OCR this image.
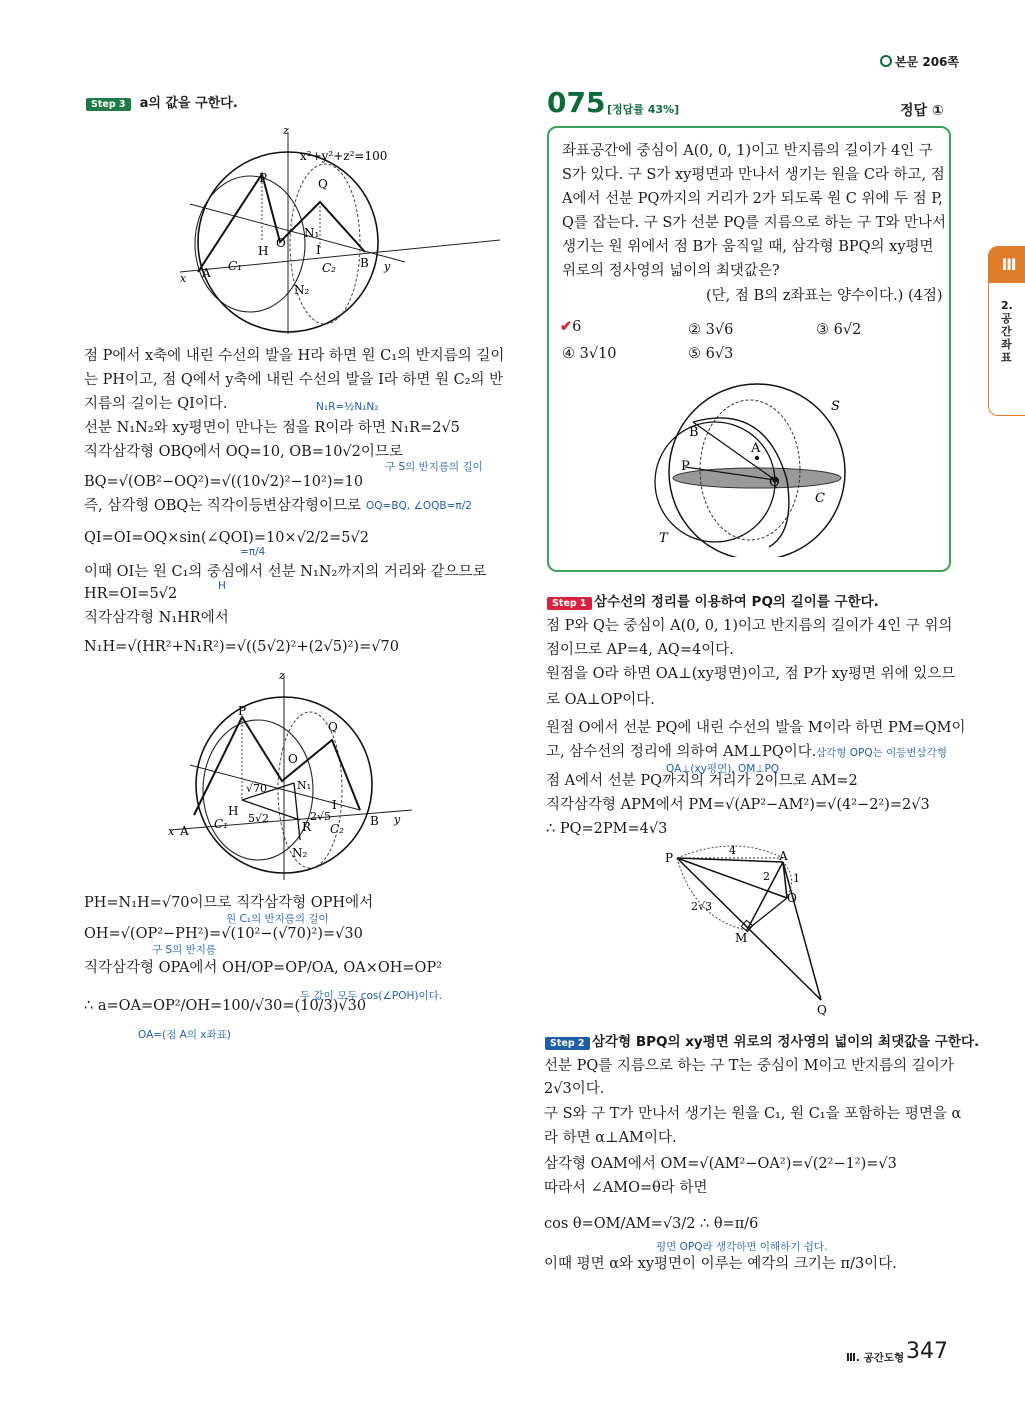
본문 206쪽
Step 3 a의 값을 구한다.
z
x²+y²+z²=100
P	Q
O
N₁
H	I
A C₁	C₂ B y
x
N₂
점 P에서 x축에 내린 수선의 발을 H라 하면 원 C₁의 반지름의 길이
는 PH이고, 점 Q에서 y축에 내린 수선의 발을 I라 하면 원 C₂의 반
지름의 길이는 QI이다.	N₁R=½N₁N₂
선분 N₁N₂와 xy평면이 만나는 점을 R이라 하면 N₁R=2√5
직각삼각형 OBQ에서 OQ=10, OB=10√2이므로
구 S의 반지름의 길이
BQ=√(OB²−OQ²)=√((10√2)²−10²)=10
즉, 삼각형 OBQ는 직각이등변삼각형이므로 OQ=BQ, ∠OQB=π/2
QI=OI=OQ×sin(∠QOI)=10×√2/2=5√2
=π/4
이때 OI는 원 C₁의 중심에서 선분 N₁N₂까지의 거리와 같으므로
H
HR=OI=5√2
직각삼각형 N₁HR에서
N₁H=√(HR²+N₁R²)=√((5√2)²+(2√5)²)=√70
z
P
Q
O
N₁
√70
H
5√2	2√5
R
I
C₁	C₂
B y
x A
N₂
PH=N₁H=√70이므로 직각삼각형 OPH에서
원 C₁의 반지름의 길이
OH=√(OP²−PH²)=√(10²−(√70)²)=√30
구 S의 반지름
직각삼각형 OPA에서 OH/OP=OP/OA, OA×OH=OP²
두 값이 모두 cos(∠POH)이다.
∴ a=OA=OP²/OH=100/√30=(10/3)√30
OA=(점 A의 x좌표)
075 [정답률 43%]	정답 ①
좌표공간에 중심이 A(0, 0, 1)이고 반지름의 길이가 4인 구
S가 있다. 구 S가 xy평면과 만나서 생기는 원을 C라 하고, 점
A에서 선분 PQ까지의 거리가 2가 되도록 원 C 위에 두 점 P,
Q를 잡는다. 구 S가 선분 PQ를 지름으로 하는 구 T와 만나서
생기는 원 위에서 점 B가 움직일 때, 삼각형 BPQ의 xy평면
위로의 정사영의 넓이의 최댓값은?
(단, 점 B의 z좌표는 양수이다.) (4점)
✔6	② 3√6	③ 6√2
④ 3√10	⑤ 6√3
S
B
A
P
Q
C
T
Step 1 삼수선의 정리를 이용하여 PQ의 길이를 구한다.
점 P와 Q는 중심이 A(0, 0, 1)이고 반지름의 길이가 4인 구 위의
점이므로 AP=4, AQ=4이다.
원점을 O라 하면 OA⊥(xy평면)이고, 점 P가 xy평면 위에 있으므
로 OA⊥OP이다.
원점 O에서 선분 PQ에 내린 수선의 발을 M이라 하면 PM=QM이
고, 삼수선의 정리에 의하여 AM⊥PQ이다. 삼각형 OPQ는 이등변삼각형
OA⊥(xy평면), OM⊥PQ
점 A에서 선분 PQ까지의 거리가 2이므로 AM=2
직각삼각형 APM에서 PM=√(AP²−AM²)=√(4²−2²)=2√3
∴ PQ=2PM=4√3
P
4	A
2 1
O
2√3
M
Q
Step 2 삼각형 BPQ의 xy평면 위로의 정사영의 넓이의 최댓값을 구한다.
선분 PQ를 지름으로 하는 구 T는 중심이 M이고 반지름의 길이가
2√3이다.
구 S와 구 T가 만나서 생기는 원을 C₁, 원 C₁을 포함하는 평면을 α
라 하면 α⊥AM이다.
삼각형 OAM에서 OM=√(AM²−OA²)=√(2²−1²)=√3
따라서 ∠AMO=θ라 하면
cos θ=OM/AM=√3/2 ∴ θ=π/6
평면 OPQ라 생각하면 이해하기 쉽다.
이때 평면 α와 xy평면이 이루는 예각의 크기는 π/3이다.
Ⅲ
2.공간좌표
Ⅲ. 공간도형 347
